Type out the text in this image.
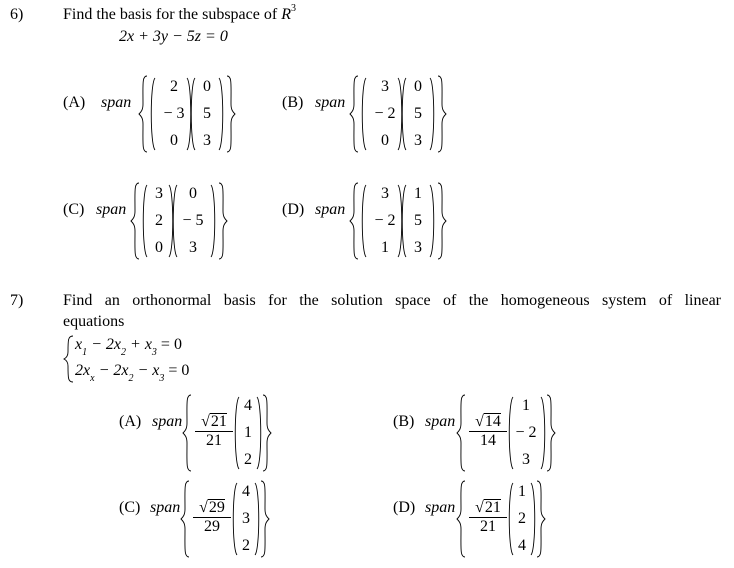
6) Find the basis for the subspace of $R^3$
2x + 3y − 5z = 0
(A) span
2
− 3
0
0
5
3
(B) span
3
− 2
0
0
5
3
(C) span
3
2
0
0
− 5
3
(D) span
3
− 2
1
1
5
3
7) Find an orthonormal basis for the solution space of the homogeneous system of linear
equations
$x_1 - 2x_2 + x_3 = 0$
$2x_x - 2x_2 - x_3 = 0$
(A) span $\frac{√21}{21}$
4
1
2
(B) span $\frac{√14}{14}$
1
− 2
3
(C) span $\frac{√29}{29}$
4
3
2
(D) span $\frac{√21}{21}$
1
2
4
